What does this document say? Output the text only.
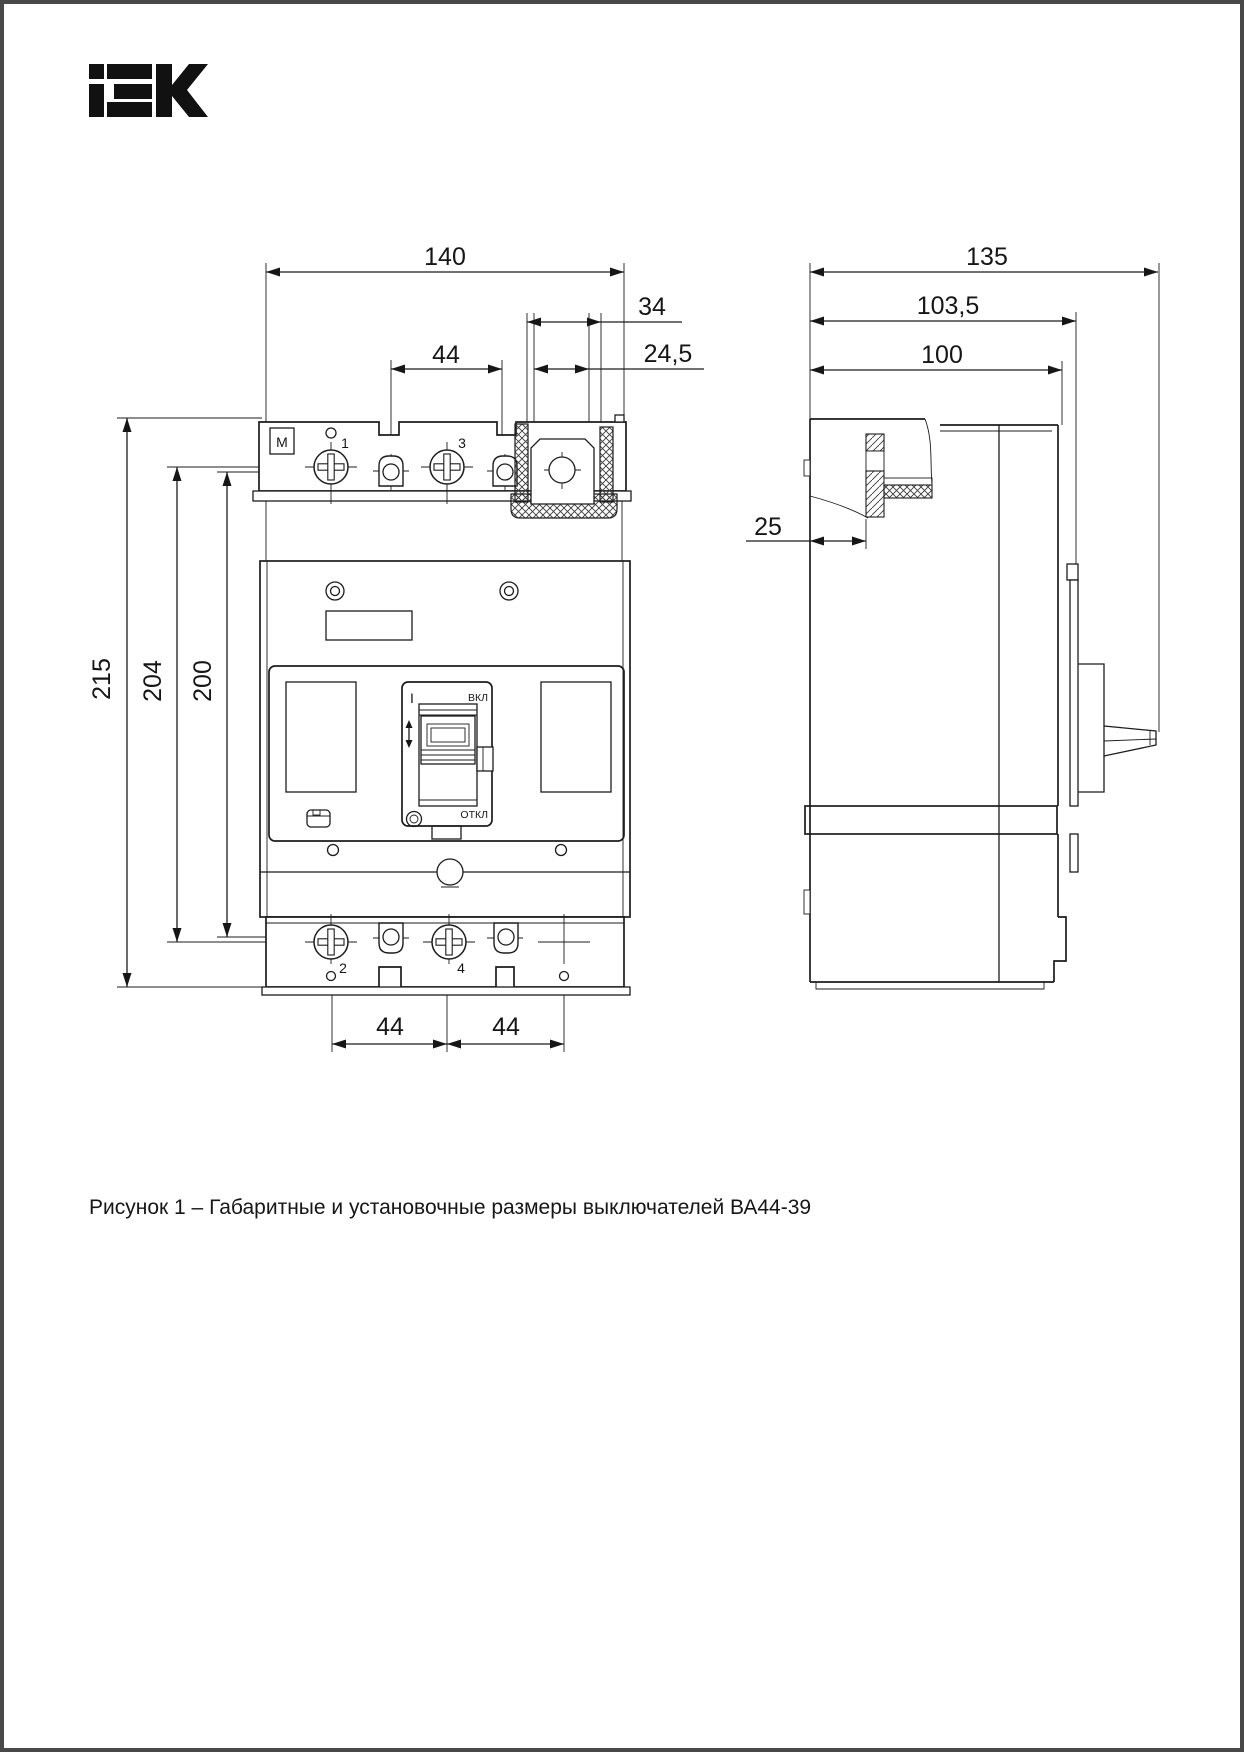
140
44
34
24,5
215 204 200
44	44
M	1	3
I	ВКЛ
ОТКЛ
2	4
135
103,5
100
25
Рисунок 1 – Габаритные и установочные размеры выключателей ВА44-39
